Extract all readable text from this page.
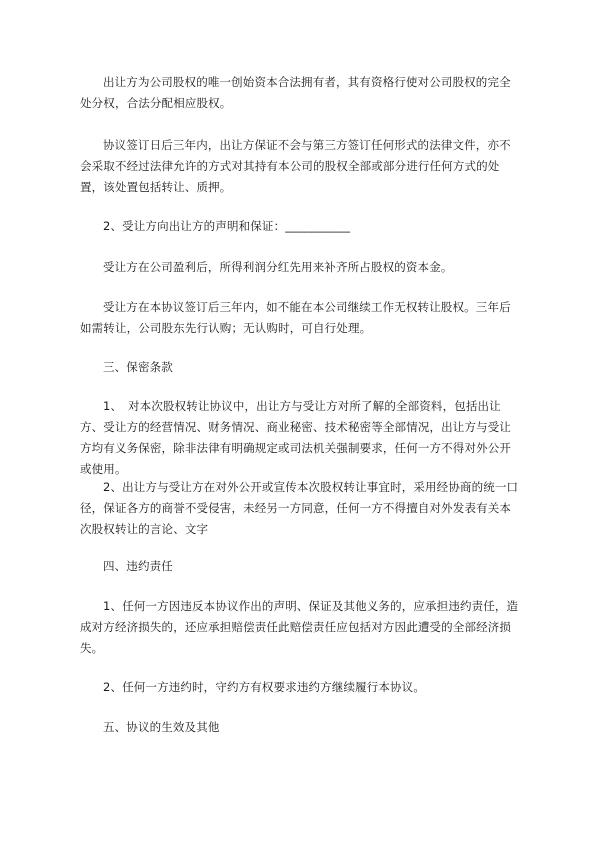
出让方为公司股权的唯一创始资本合法拥有者，其有资格行使对公司股权的完全处分权，合法分配相应股权。
协议签订日后三年内，出让方保证不会与第三方签订任何形式的法律文件，亦不会采取不经过法律允许的方式对其持有本公司的股权全部或部分进行任何方式的处置，该处置包括转让、质押。
2、受让方向出让方的声明和保证：___________
受让方在公司盈利后，所得利润分红先用来补齐所占股权的资本金。
受让方在本协议签订后三年内，如不能在本公司继续工作无权转让股权。三年后如需转让，公司股东先行认购；无认购时，可自行处理。
三、保密条款
1、　对本次股权转让协议中，出让方与受让方对所了解的全部资料，包括出让方、受让方的经营情况、财务情况、商业秘密、技术秘密等全部情况，出让方与受让方均有义务保密，除非法律有明确规定或司法机关强制要求，任何一方不得对外公开或使用。
2、出让方与受让方在对外公开或宣传本次股权转让事宜时，采用经协商的统一口径，保证各方的商誉不受侵害，未经另一方同意，任何一方不得擅自对外发表有关本次股权转让的言论、文字
四、违约责任
1、任何一方因违反本协议作出的声明、保证及其他义务的，应承担违约责任，造成对方经济损失的，还应承担赔偿责任此赔偿责任应包括对方因此遭受的全部经济损失。
2、任何一方违约时，守约方有权要求违约方继续履行本协议。
五、协议的生效及其他
